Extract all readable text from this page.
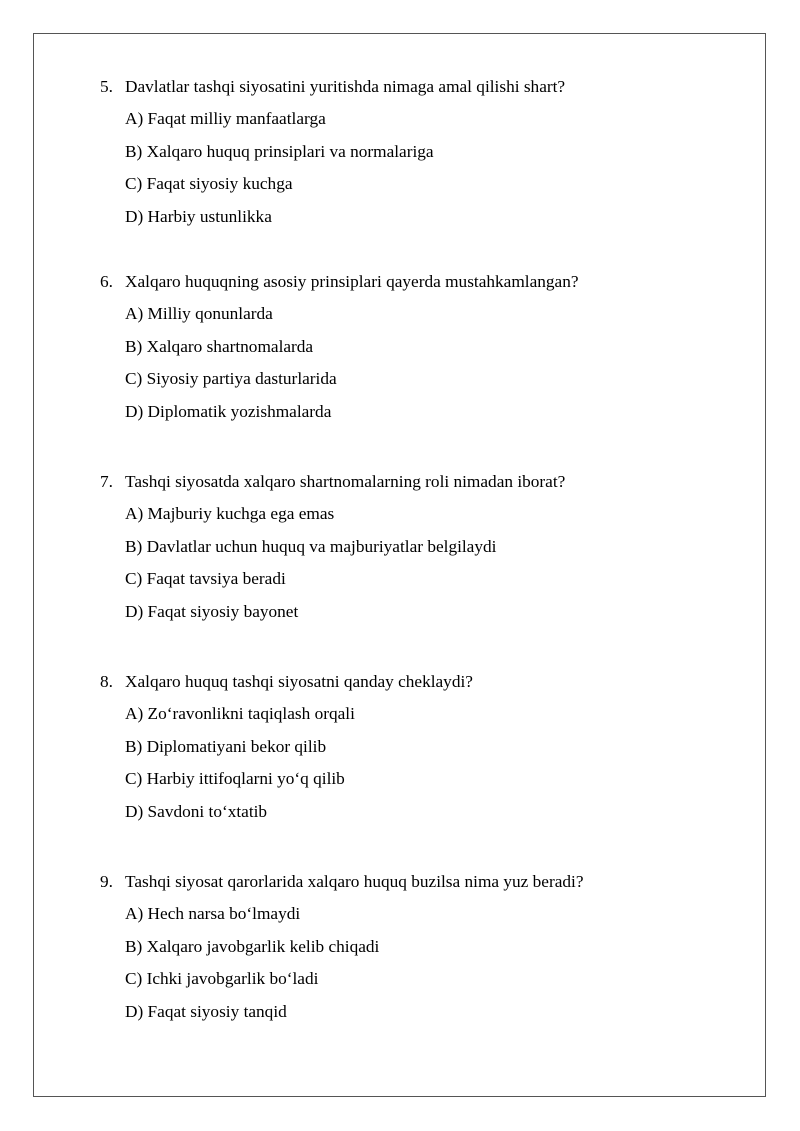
5. Davlatlar tashqi siyosatini yuritishda nimaga amal qilishi shart?
A) Faqat milliy manfaatlarga
B) Xalqaro huquq prinsiplari va normalariga
C) Faqat siyosiy kuchga
D) Harbiy ustunlikka
6. Xalqaro huquqning asosiy prinsiplari qayerda mustahkamlangan?
A) Milliy qonunlarda
B) Xalqaro shartnomalarda
C) Siyosiy partiya dasturlarida
D) Diplomatik yozishmalarda
7. Tashqi siyosatda xalqaro shartnomalarning roli nimadan iborat?
A) Majburiy kuchga ega emas
B) Davlatlar uchun huquq va majburiyatlar belgilaydi
C) Faqat tavsiya beradi
D) Faqat siyosiy bayonet
8. Xalqaro huquq tashqi siyosatni qanday cheklaydi?
A) Zo‘ravonlikni taqiqlash orqali
B) Diplomatiyani bekor qilib
C) Harbiy ittifoqlarni yo‘q qilib
D) Savdoni to‘xtatib
9. Tashqi siyosat qarorlarida xalqaro huquq buzilsa nima yuz beradi?
A) Hech narsa bo‘lmaydi
B) Xalqaro javobgarlik kelib chiqadi
C) Ichki javobgarlik bo‘ladi
D) Faqat siyosiy tanqid
